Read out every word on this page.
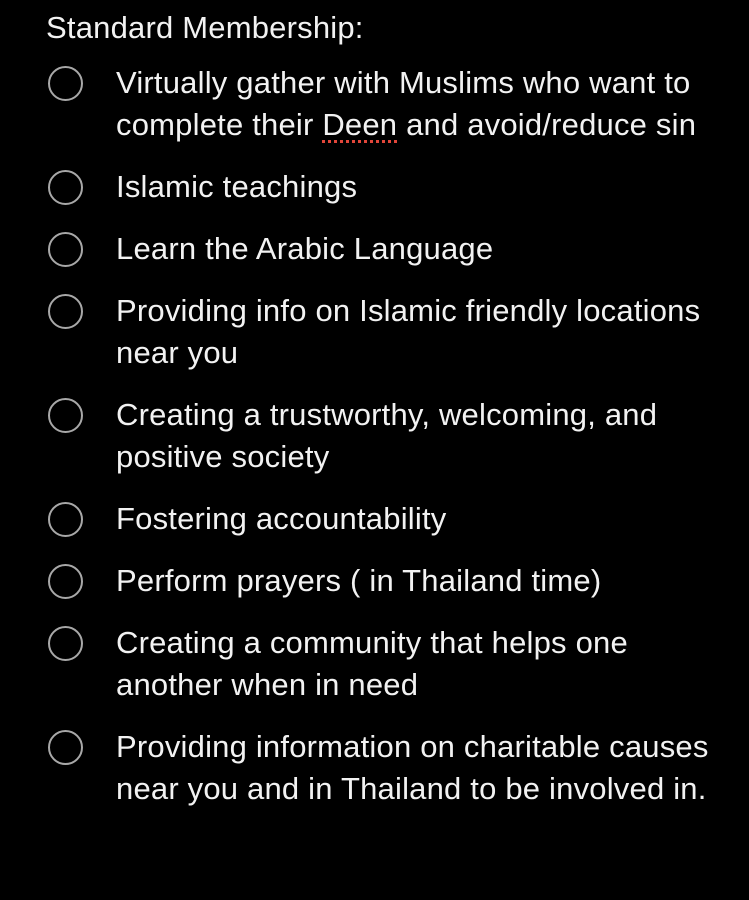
Standard Membership:
Virtually gather with Muslims who want to complete their Deen and avoid/reduce sin
Islamic teachings
Learn the Arabic Language
Providing info on Islamic friendly locations near you
Creating a trustworthy, welcoming, and positive society
Fostering accountability
Perform prayers ( in Thailand time)
Creating a community that helps one another when in need
Providing information on charitable causes near you and in Thailand to be involved in.
